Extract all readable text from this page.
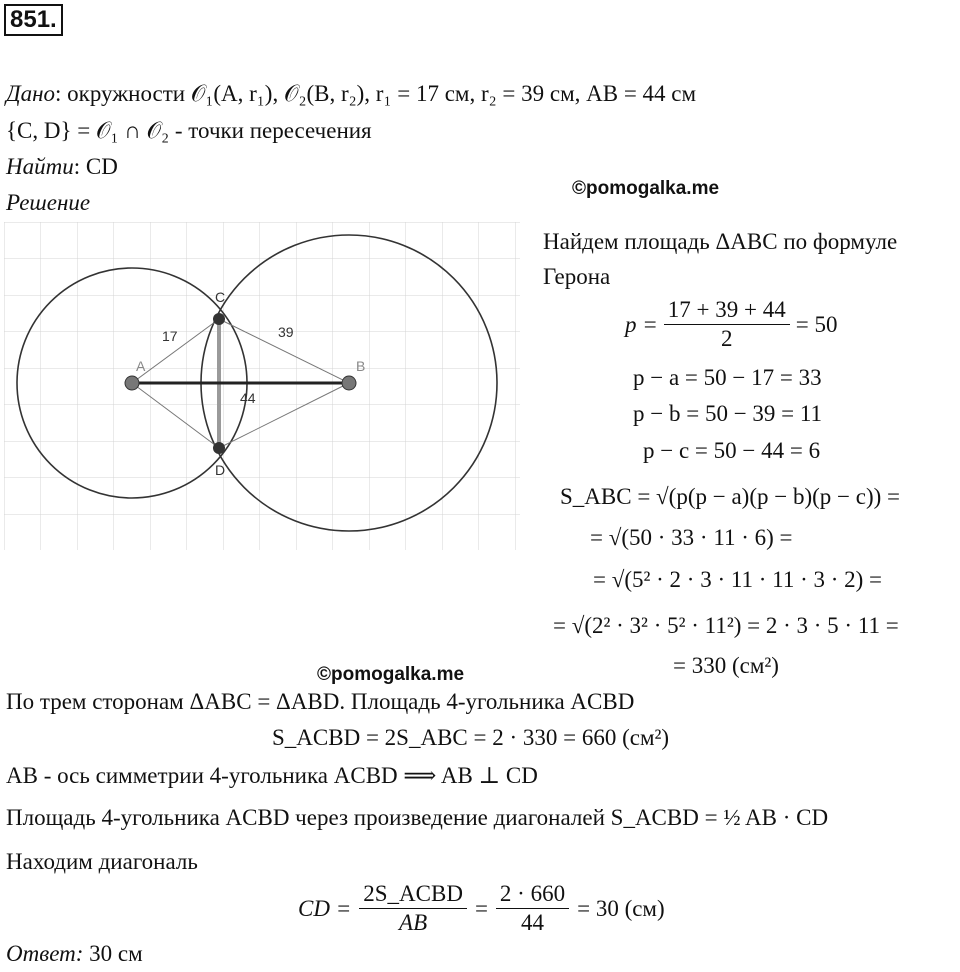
851.
Дано: окружности 𝒪₁(A, r₁), 𝒪₂(B, r₂), r₁ = 17 см, r₂ = 39 см, AB = 44 см
{C, D} = 𝒪₁ ∩ 𝒪₂ - точки пересечения
Найти: CD
Решение
©pomogalka.me
A	B
C
D
17	39
44
Найдем площадь ΔABC по формуле
Герона
$p = \frac{17 + 39 + 44}{2} = 50$
p − a = 50 − 17 = 33
p − b = 50 − 39 = 11
p − c = 50 − 44 = 6
S_ABC = √(p(p − a)(p − b)(p − c)) =
= √(50 · 33 · 11 · 6) =
= √(5² · 2 · 3 · 11 · 11 · 3 · 2) =
= √(2² · 3² · 5² · 11²) = 2 · 3 · 5 · 11 =
= 330 (см²)
©pomogalka.me
По трем сторонам ΔABC = ΔABD. Площадь 4-угольника ACBD
S_ACBD = 2S_ABC = 2 · 330 = 660 (см²)
AB - ось симметрии 4-угольника ACBD ⟹ AB ⊥ CD
Площадь 4-угольника ACBD через произведение диагоналей S_ACBD = ½ AB · CD
Находим диагональ
CD =
2S_ACBD
AB
= $\frac{2 \cdot 660}{44} = 30$ (см)
Ответ: 30 см
